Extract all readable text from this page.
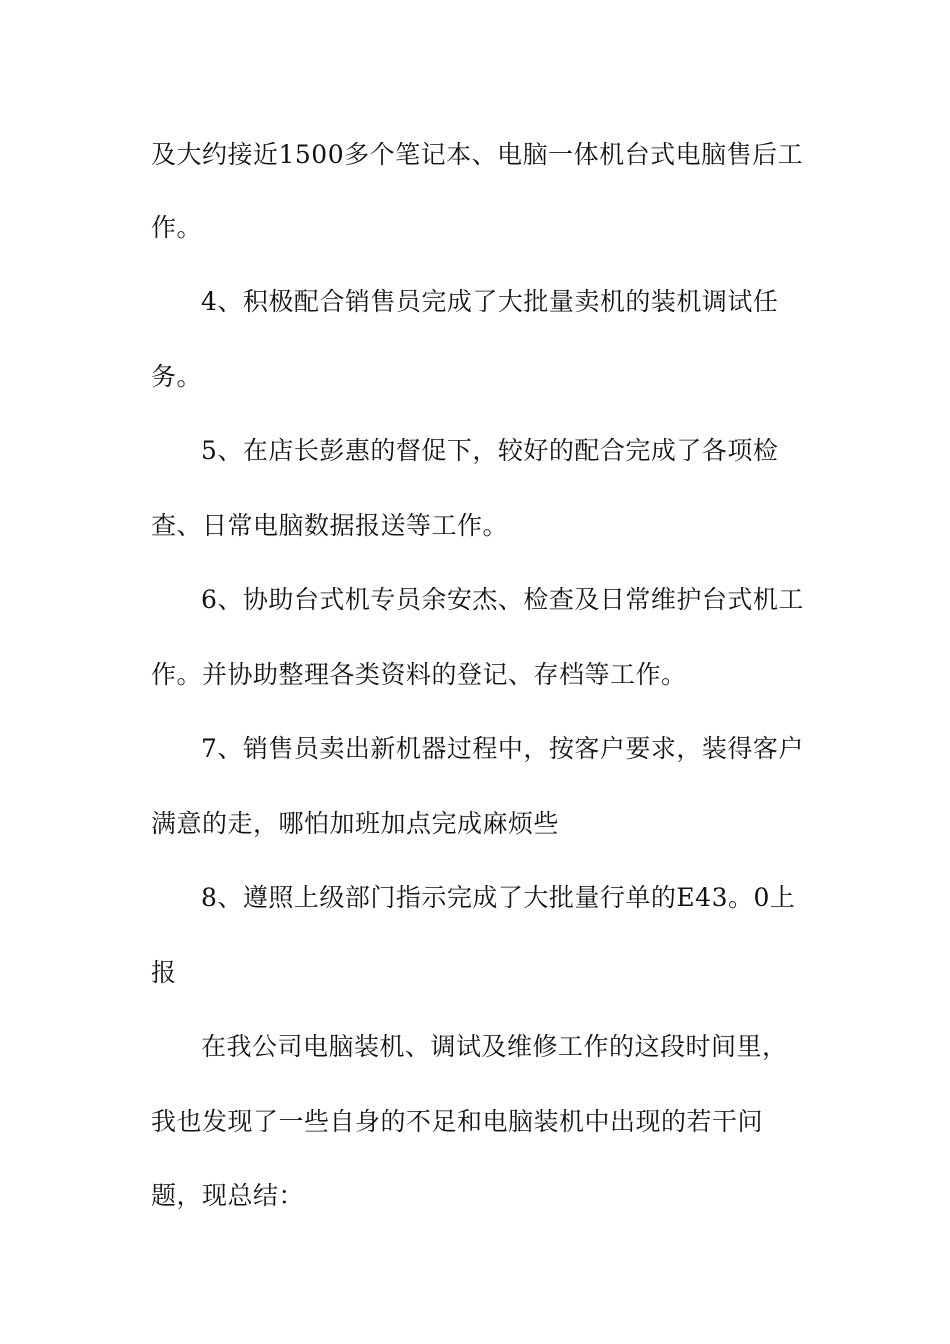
及大约接近1500多个笔记本、电脑一体机台式电脑售后工
作。
4、积极配合销售员完成了大批量卖机的装机调试任
务。
5、在店长彭惠的督促下，较好的配合完成了各项检
查、日常电脑数据报送等工作。
6、协助台式机专员余安杰、检查及日常维护台式机工
作。并协助整理各类资料的登记、存档等工作。
7、销售员卖出新机器过程中，按客户要求，装得客户
满意的走，哪怕加班加点完成麻烦些
8、遵照上级部门指示完成了大批量行单的E43。0上
报
在我公司电脑装机、调试及维修工作的这段时间里，
我也发现了一些自身的不足和电脑装机中出现的若干问
题，现总结：
